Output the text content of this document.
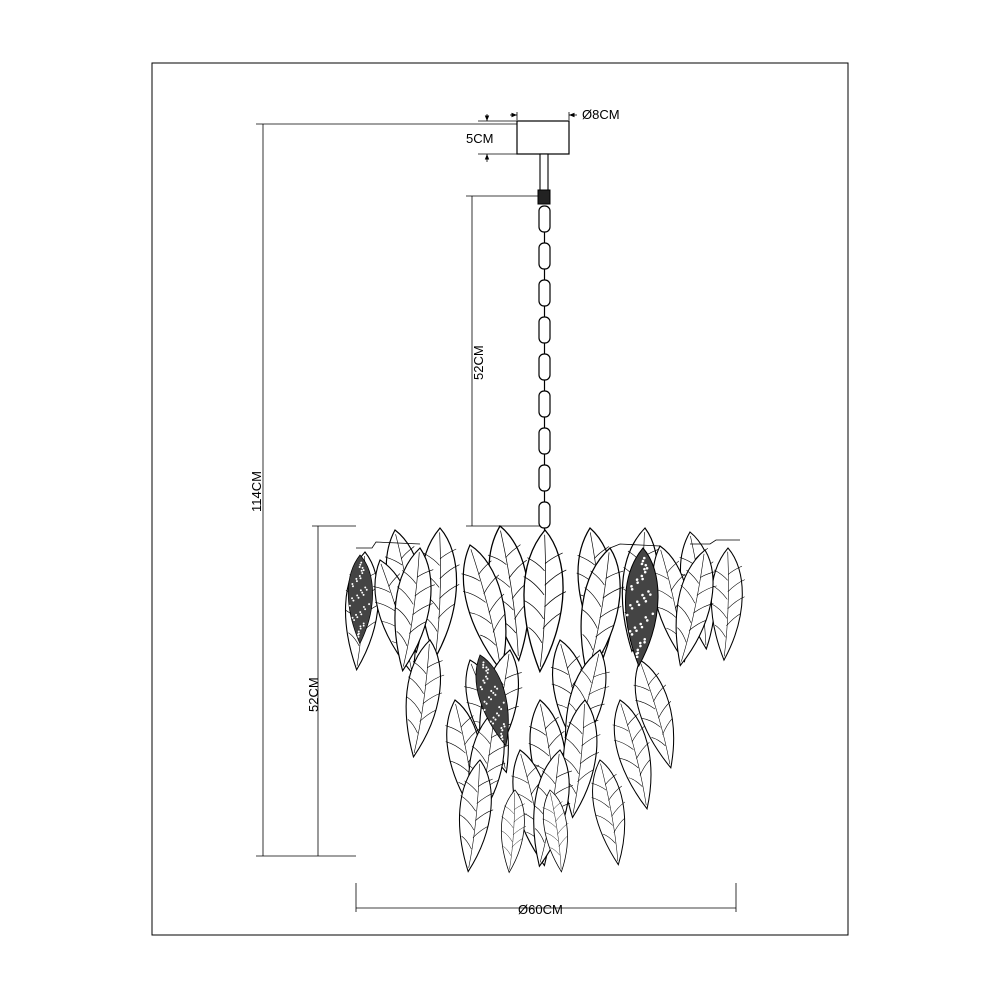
Ø8CM
5CM
52CM
114CM
52CM
Ø60CM
